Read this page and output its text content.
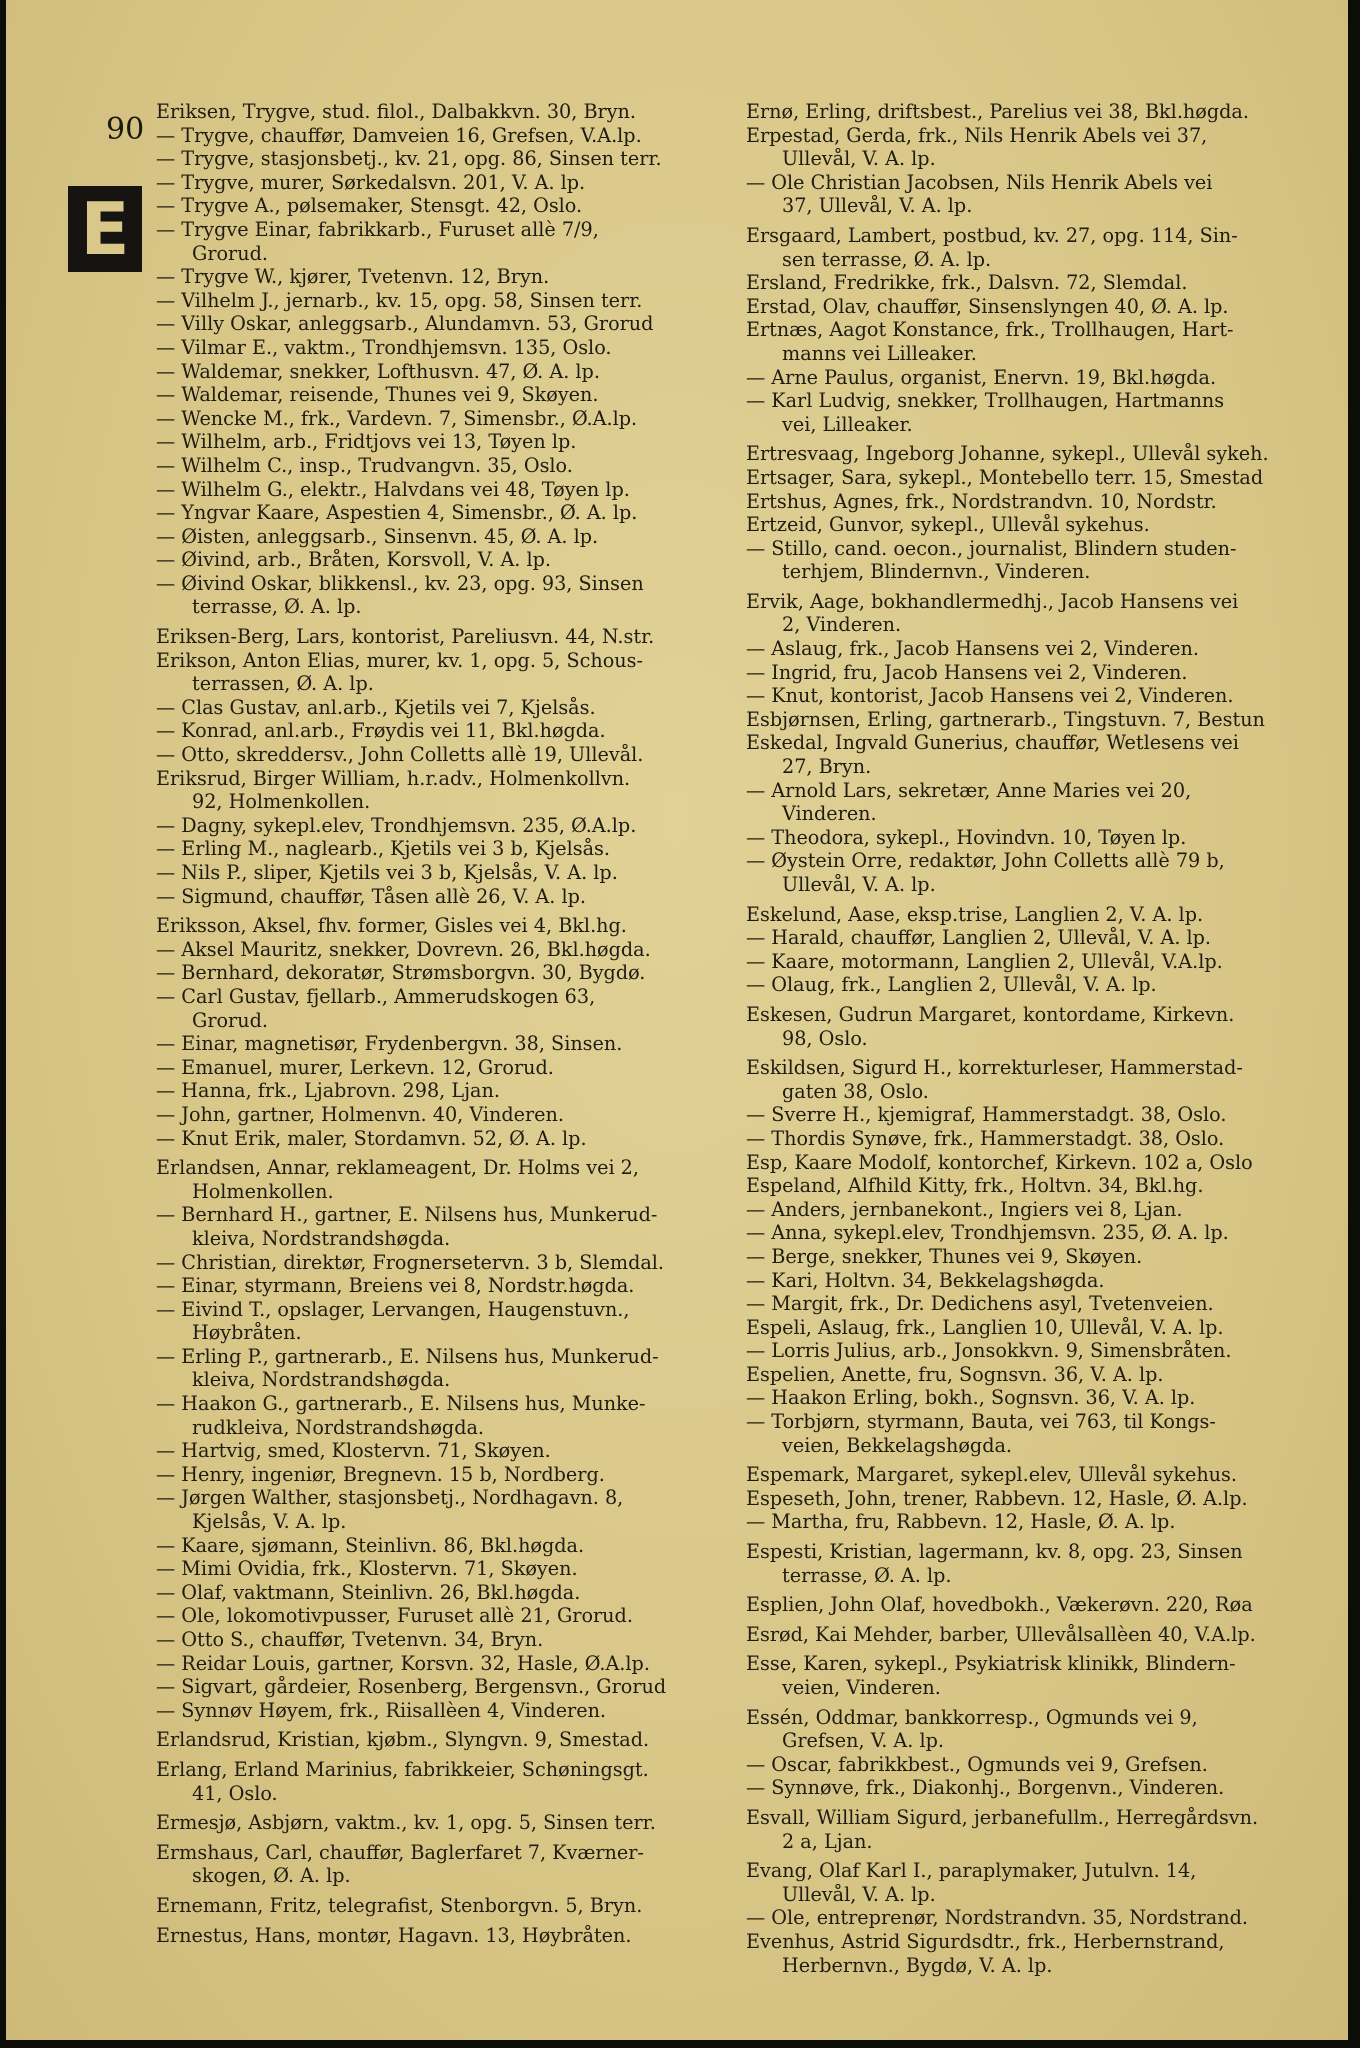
90
E
Eriksen, Trygve, stud. filol., Dalbakkvn. 30, Bryn.
— Trygve, chauffør, Damveien 16, Grefsen, V.A.lp.
— Trygve, stasjonsbetj., kv. 21, opg. 86, Sinsen terr.
— Trygve, murer, Sørkedalsvn. 201, V. A. lp.
— Trygve A., pølsemaker, Stensgt. 42, Oslo.
— Trygve Einar, fabrikkarb., Furuset allè 7/9,
Grorud.
— Trygve W., kjører, Tvetenvn. 12, Bryn.
— Vilhelm J., jernarb., kv. 15, opg. 58, Sinsen terr.
— Villy Oskar, anleggsarb., Alundamvn. 53, Grorud
— Vilmar E., vaktm., Trondhjemsvn. 135, Oslo.
— Waldemar, snekker, Lofthusvn. 47, Ø. A. lp.
— Waldemar, reisende, Thunes vei 9, Skøyen.
— Wencke M., frk., Vardevn. 7, Simensbr., Ø.A.lp.
— Wilhelm, arb., Fridtjovs vei 13, Tøyen lp.
— Wilhelm C., insp., Trudvangvn. 35, Oslo.
— Wilhelm G., elektr., Halvdans vei 48, Tøyen lp.
— Yngvar Kaare, Aspestien 4, Simensbr., Ø. A. lp.
— Øisten, anleggsarb., Sinsenvn. 45, Ø. A. lp.
— Øivind, arb., Bråten, Korsvoll, V. A. lp.
— Øivind Oskar, blikkensl., kv. 23, opg. 93, Sinsen
terrasse, Ø. A. lp.
Eriksen-Berg, Lars, kontorist, Pareliusvn. 44, N.str.
Erikson, Anton Elias, murer, kv. 1, opg. 5, Schous-
terrassen, Ø. A. lp.
— Clas Gustav, anl.arb., Kjetils vei 7, Kjelsås.
— Konrad, anl.arb., Frøydis vei 11, Bkl.høgda.
— Otto, skreddersv., John Colletts allè 19, Ullevål.
Eriksrud, Birger William, h.r.adv., Holmenkollvn.
92, Holmenkollen.
— Dagny, sykepl.elev, Trondhjemsvn. 235, Ø.A.lp.
— Erling M., naglearb., Kjetils vei 3 b, Kjelsås.
— Nils P., sliper, Kjetils vei 3 b, Kjelsås, V. A. lp.
— Sigmund, chauffør, Tåsen allè 26, V. A. lp.
Eriksson, Aksel, fhv. former, Gisles vei 4, Bkl.hg.
— Aksel Mauritz, snekker, Dovrevn. 26, Bkl.høgda.
— Bernhard, dekoratør, Strømsborgvn. 30, Bygdø.
— Carl Gustav, fjellarb., Ammerudskogen 63,
Grorud.
— Einar, magnetisør, Frydenbergvn. 38, Sinsen.
— Emanuel, murer, Lerkevn. 12, Grorud.
— Hanna, frk., Ljabrovn. 298, Ljan.
— John, gartner, Holmenvn. 40, Vinderen.
— Knut Erik, maler, Stordamvn. 52, Ø. A. lp.
Erlandsen, Annar, reklameagent, Dr. Holms vei 2,
Holmenkollen.
— Bernhard H., gartner, E. Nilsens hus, Munkerud-
kleiva, Nordstrandshøgda.
— Christian, direktør, Frognersetervn. 3 b, Slemdal.
— Einar, styrmann, Breiens vei 8, Nordstr.høgda.
— Eivind T., opslager, Lervangen, Haugenstuvn.,
Høybråten.
— Erling P., gartnerarb., E. Nilsens hus, Munkerud-
kleiva, Nordstrandshøgda.
— Haakon G., gartnerarb., E. Nilsens hus, Munke-
rudkleiva, Nordstrandshøgda.
— Hartvig, smed, Klostervn. 71, Skøyen.
— Henry, ingeniør, Bregnevn. 15 b, Nordberg.
— Jørgen Walther, stasjonsbetj., Nordhagavn. 8,
Kjelsås, V. A. lp.
— Kaare, sjømann, Steinlivn. 86, Bkl.høgda.
— Mimi Ovidia, frk., Klostervn. 71, Skøyen.
— Olaf, vaktmann, Steinlivn. 26, Bkl.høgda.
— Ole, lokomotivpusser, Furuset allè 21, Grorud.
— Otto S., chauffør, Tvetenvn. 34, Bryn.
— Reidar Louis, gartner, Korsvn. 32, Hasle, Ø.A.lp.
— Sigvart, gårdeier, Rosenberg, Bergensvn., Grorud
— Synnøv Høyem, frk., Riisallèen 4, Vinderen.
Erlandsrud, Kristian, kjøbm., Slyngvn. 9, Smestad.
Erlang, Erland Marinius, fabrikkeier, Schøningsgt.
41, Oslo.
Ermesjø, Asbjørn, vaktm., kv. 1, opg. 5, Sinsen terr.
Ermshaus, Carl, chauffør, Baglerfaret 7, Kværner-
skogen, Ø. A. lp.
Ernemann, Fritz, telegrafist, Stenborgvn. 5, Bryn.
Ernestus, Hans, montør, Hagavn. 13, Høybråten.
Ernø, Erling, driftsbest., Parelius vei 38, Bkl.høgda.
Erpestad, Gerda, frk., Nils Henrik Abels vei 37,
Ullevål, V. A. lp.
— Ole Christian Jacobsen, Nils Henrik Abels vei
37, Ullevål, V. A. lp.
Ersgaard, Lambert, postbud, kv. 27, opg. 114, Sin-
sen terrasse, Ø. A. lp.
Ersland, Fredrikke, frk., Dalsvn. 72, Slemdal.
Erstad, Olav, chauffør, Sinsenslyngen 40, Ø. A. lp.
Ertnæs, Aagot Konstance, frk., Trollhaugen, Hart-
manns vei Lilleaker.
— Arne Paulus, organist, Enervn. 19, Bkl.høgda.
— Karl Ludvig, snekker, Trollhaugen, Hartmanns
vei, Lilleaker.
Ertresvaag, Ingeborg Johanne, sykepl., Ullevål sykeh.
Ertsager, Sara, sykepl., Montebello terr. 15, Smestad
Ertshus, Agnes, frk., Nordstrandvn. 10, Nordstr.
Ertzeid, Gunvor, sykepl., Ullevål sykehus.
— Stillo, cand. oecon., journalist, Blindern studen-
terhjem, Blindernvn., Vinderen.
Ervik, Aage, bokhandlermedhj., Jacob Hansens vei
2, Vinderen.
— Aslaug, frk., Jacob Hansens vei 2, Vinderen.
— Ingrid, fru, Jacob Hansens vei 2, Vinderen.
— Knut, kontorist, Jacob Hansens vei 2, Vinderen.
Esbjørnsen, Erling, gartnerarb., Tingstuvn. 7, Bestun
Eskedal, Ingvald Gunerius, chauffør, Wetlesens vei
27, Bryn.
— Arnold Lars, sekretær, Anne Maries vei 20,
Vinderen.
— Theodora, sykepl., Hovindvn. 10, Tøyen lp.
— Øystein Orre, redaktør, John Colletts allè 79 b,
Ullevål, V. A. lp.
Eskelund, Aase, eksp.trise, Langlien 2, V. A. lp.
— Harald, chauffør, Langlien 2, Ullevål, V. A. lp.
— Kaare, motormann, Langlien 2, Ullevål, V.A.lp.
— Olaug, frk., Langlien 2, Ullevål, V. A. lp.
Eskesen, Gudrun Margaret, kontordame, Kirkevn.
98, Oslo.
Eskildsen, Sigurd H., korrekturleser, Hammerstad-
gaten 38, Oslo.
— Sverre H., kjemigraf, Hammerstadgt. 38, Oslo.
— Thordis Synøve, frk., Hammerstadgt. 38, Oslo.
Esp, Kaare Modolf, kontorchef, Kirkevn. 102 a, Oslo
Espeland, Alfhild Kitty, frk., Holtvn. 34, Bkl.hg.
— Anders, jernbanekont., Ingiers vei 8, Ljan.
— Anna, sykepl.elev, Trondhjemsvn. 235, Ø. A. lp.
— Berge, snekker, Thunes vei 9, Skøyen.
— Kari, Holtvn. 34, Bekkelagshøgda.
— Margit, frk., Dr. Dedichens asyl, Tvetenveien.
Espeli, Aslaug, frk., Langlien 10, Ullevål, V. A. lp.
— Lorris Julius, arb., Jonsokkvn. 9, Simensbråten.
Espelien, Anette, fru, Sognsvn. 36, V. A. lp.
— Haakon Erling, bokh., Sognsvn. 36, V. A. lp.
— Torbjørn, styrmann, Bauta, vei 763, til Kongs-
veien, Bekkelagshøgda.
Espemark, Margaret, sykepl.elev, Ullevål sykehus.
Espeseth, John, trener, Rabbevn. 12, Hasle, Ø. A.lp.
— Martha, fru, Rabbevn. 12, Hasle, Ø. A. lp.
Espesti, Kristian, lagermann, kv. 8, opg. 23, Sinsen
terrasse, Ø. A. lp.
Esplien, John Olaf, hovedbokh., Vækerøvn. 220, Røa
Esrød, Kai Mehder, barber, Ullevålsallèen 40, V.A.lp.
Esse, Karen, sykepl., Psykiatrisk klinikk, Blindern-
veien, Vinderen.
Essén, Oddmar, bankkorresp., Ogmunds vei 9,
Grefsen, V. A. lp.
— Oscar, fabrikkbest., Ogmunds vei 9, Grefsen.
— Synnøve, frk., Diakonhj., Borgenvn., Vinderen.
Esvall, William Sigurd, jerbanefullm., Herregårdsvn.
2 a, Ljan.
Evang, Olaf Karl I., paraplymaker, Jutulvn. 14,
Ullevål, V. A. lp.
— Ole, entreprenør, Nordstrandvn. 35, Nordstrand.
Evenhus, Astrid Sigurdsdtr., frk., Herbernstrand,
Herbernvn., Bygdø, V. A. lp.
